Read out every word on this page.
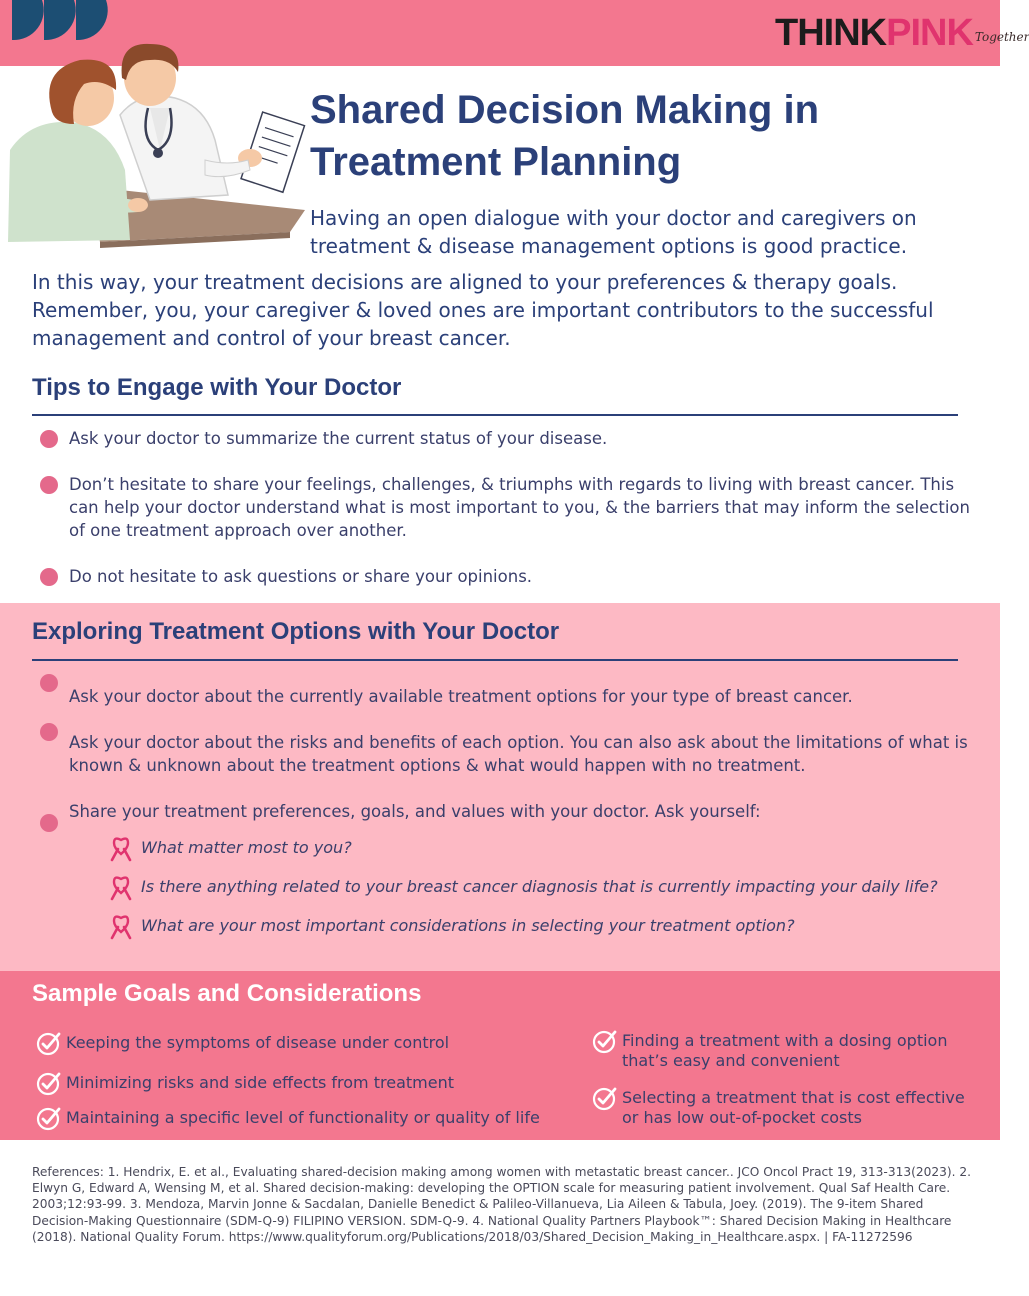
THINK PINK Together
Shared Decision Making in Treatment Planning
Having an open dialogue with your doctor and caregivers on treatment & disease management options is good practice.
In this way, your treatment decisions are aligned to your preferences & therapy goals. Remember, you, your caregiver & loved ones are important contributors to the successful management and control of your breast cancer.
Tips to Engage with Your Doctor
Ask your doctor to summarize the current status of your disease.
Don’t hesitate to share your feelings, challenges, & triumphs with regards to living with breast cancer. This can help your doctor understand what is most important to you, & the barriers that may inform the selection of one treatment approach over another.
Do not hesitate to ask questions or share your opinions.
Exploring Treatment Options with Your Doctor
Ask your doctor about the currently available treatment options for your type of breast cancer.
Ask your doctor about the risks and benefits of each option. You can also ask about the limitations of what is known & unknown about the treatment options & what would happen with no treatment.
Share your treatment preferences, goals, and values with your doctor. Ask yourself:
What matter most to you?
Is there anything related to your breast cancer diagnosis that is currently impacting your daily life?
What are your most important considerations in selecting your treatment option?
Sample Goals and Considerations
Keeping the symptoms of disease under control
Minimizing risks and side effects from treatment
Maintaining a specific level of functionality or quality of life
Finding a treatment with a dosing option that’s easy and convenient
Selecting a treatment that is cost effective or has low out-of-pocket costs
References: 1. Hendrix, E. et al., Evaluating shared-decision making among women with metastatic breast cancer.. JCO Oncol Pract 19, 313-313(2023). 2. Elwyn G, Edward A, Wensing M, et al. Shared decision-making: developing the OPTION scale for measuring patient involvement. Qual Saf Health Care. 2003;12:93-99. 3. Mendoza, Marvin Jonne & Sacdalan, Danielle Benedict & Palileo-Villanueva, Lia Aileen & Tabula, Joey. (2019). The 9-item Shared Decision-Making Questionnaire (SDM-Q-9) FILIPINO VERSION. SDM-Q-9. 4. National Quality Partners Playbook™: Shared Decision Making in Healthcare (2018). National Quality Forum. https://www.qualityforum.org/Publications/2018/03/Shared_Decision_Making_in_Healthcare.aspx. | FA-11272596
